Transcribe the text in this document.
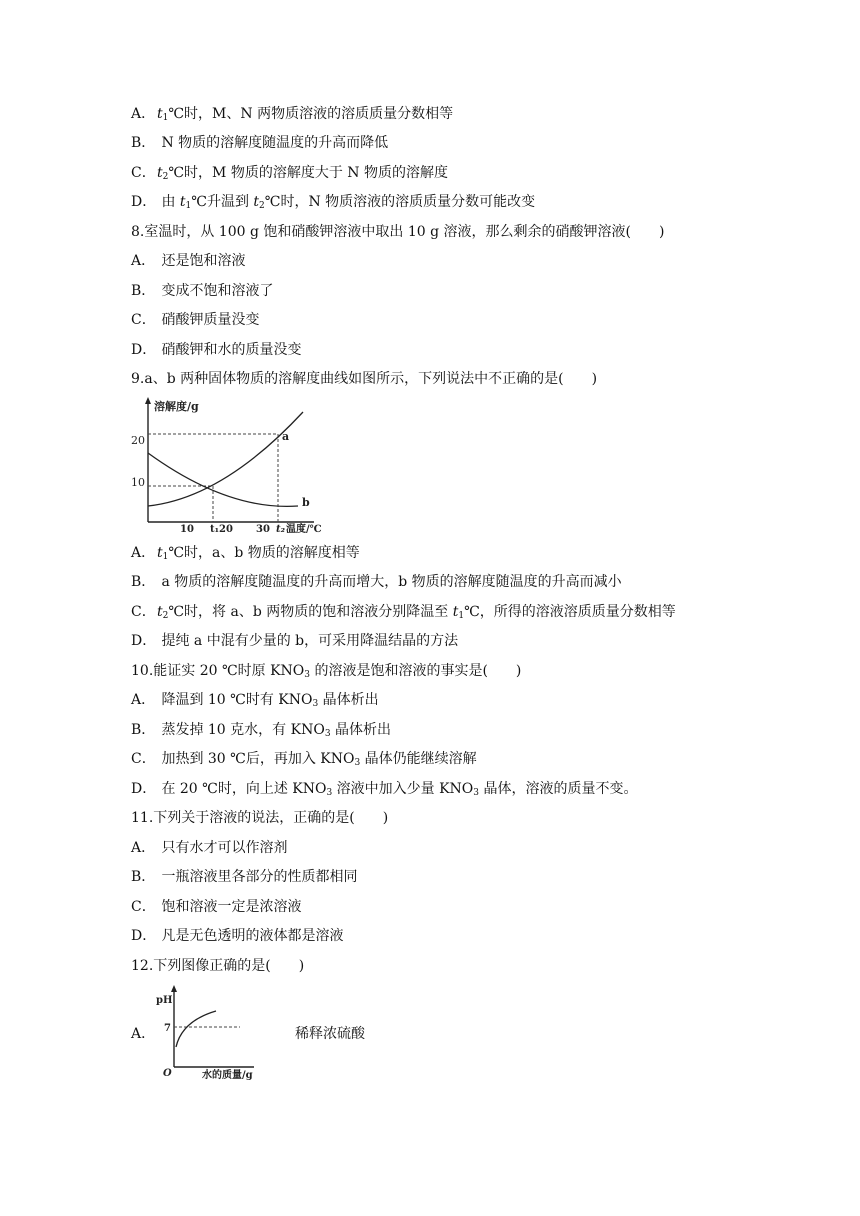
A． $t_1℃$时，M、N 两物质溶液的溶质质量分数相等
B． N 物质的溶解度随温度的升高而降低
C．$t_2℃$时，M 物质的溶解度大于 N 物质的溶解度
D． 由 $t_1℃$升温到 $t_2℃$时，N 物质溶液的溶质质量分数可能改变
8.室温时，从 100 g 饱和硝酸钾溶液中取出 10 g 溶液，那么剩余的硝酸钾溶液(　　)
A． 还是饱和溶液
B． 变成不饱和溶液了
C． 硝酸钾质量没变
D． 硝酸钾和水的质量没变
9.a、b 两种固体物质的溶解度曲线如图所示，下列说法中不正确的是(　　)
溶解度/g
20
10
a
b
10 t₁20 30 t₂ 温度/℃
A． $t_1℃$时，a、b 物质的溶解度相等
B． a 物质的溶解度随温度的升高而增大，b 物质的溶解度随温度的升高而减小
C．$t_2℃$时，将 a、b 两物质的饱和溶液分别降温至 $t_1℃$，所得的溶液溶质质量分数相等
D． 提纯 a 中混有少量的 b，可采用降温结晶的方法
10.能证实 20 ℃时原 $KNO_3$ 的溶液是饱和溶液的事实是(　　)
A． 降温到 10 ℃时有 $KNO_3$ 晶体析出
B． 蒸发掉 10 克水，有 $KNO_3$ 晶体析出
C． 加热到 30 ℃后，再加入 $KNO_3$ 晶体仍能继续溶解
D． 在 20 ℃时，向上述 $KNO_3$ 溶液中加入少量 $KNO_3$ 晶体，溶液的质量不变。
11.下列关于溶液的说法，正确的是(　　)
A． 只有水才可以作溶剂
B． 一瓶溶液里各部分的性质都相同
C． 饱和溶液一定是浓溶液
D． 凡是无色透明的液体都是溶液
12.下列图像正确的是(　　)
A．
pH
7
O	水的质量/g
稀释浓硫酸
